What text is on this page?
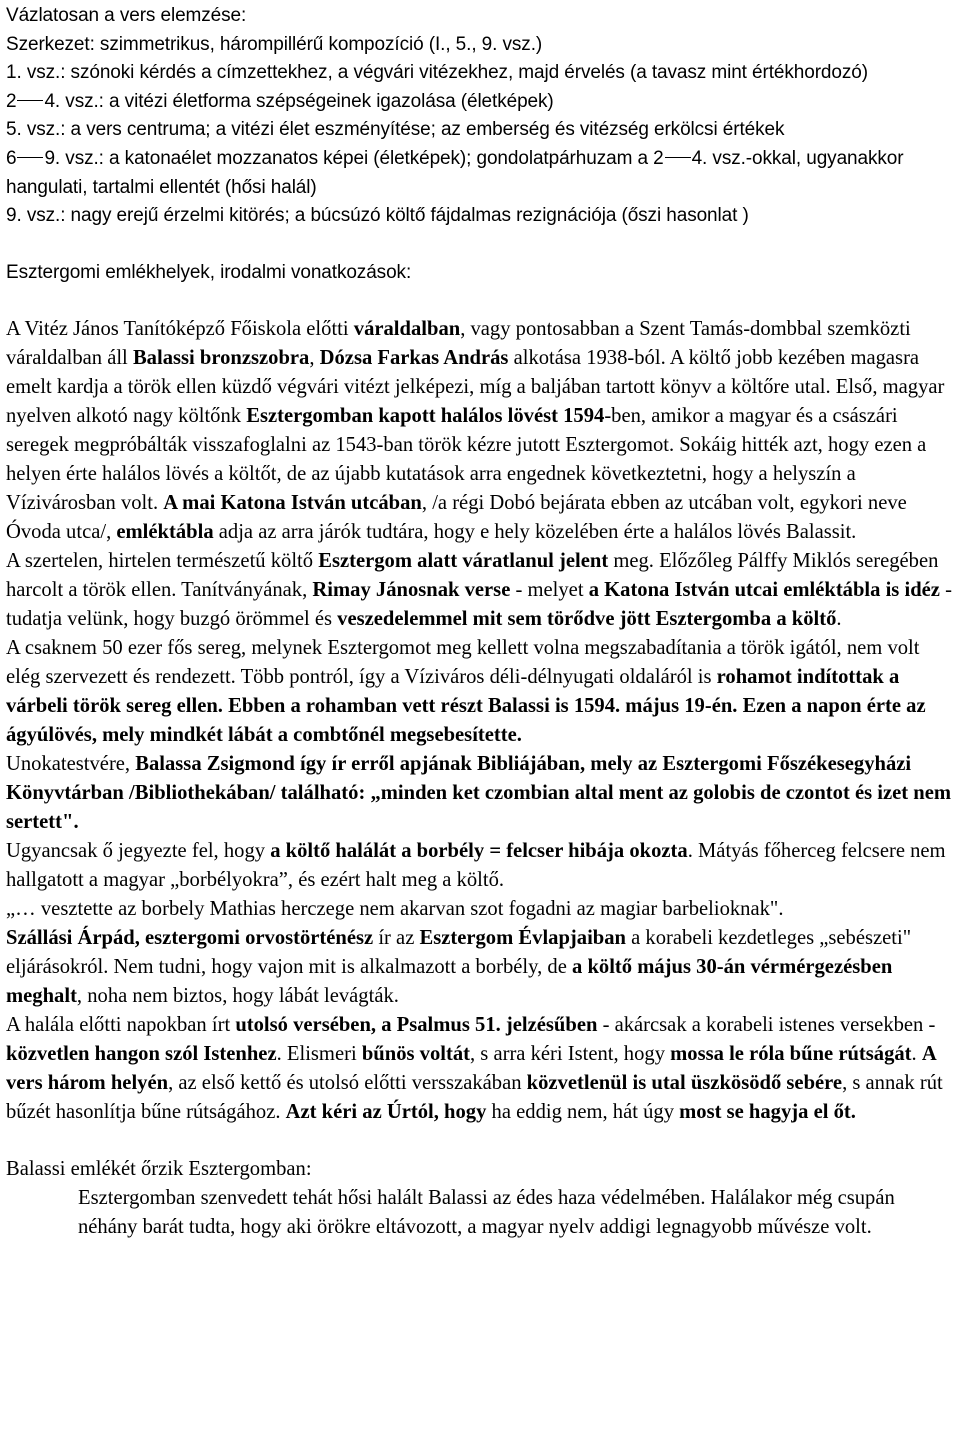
Vázlatosan a vers elemzése:

Szerkezet: szimmetrikus, hárompillérű kompozíció (I., 5., 9. vsz.)

1. vsz.: szónoki kérdés a címzettekhez, a végvári vitézekhez, majd érvelés (a tavasz mint értékhordozó)

2 4. vsz.: a vitézi életforma szépségeinek igazolása (életképek)

5. vsz.: a vers centruma; a vitézi élet eszményítése; az emberség és vitézség erkölcsi értékek

6 9. vsz.: a katonaélet mozzanatos képei (életképek); gondolatpárhuzam a 2 4. vsz.-okkal, ugyanakkor hangulati, tartalmi ellentét (hősi halál)

9. vsz.: nagy erejű érzelmi kitörés; a búcsúzó költő fájdalmas rezignációja (őszi hasonlat )

Esztergomi emlékhelyek, irodalmi vonatkozások:

A Vitéz János Tanítóképző Főiskola előtti váraldalban, vagy pontosabban a Szent Tamás-dombbal szemközti váraldalban áll Balassi bronzszobra, Dózsa Farkas András alkotása 1938-ból. A költő jobb kezében magasra emelt kardja a török ellen küzdő végvári vitézt jelképezi, míg a baljában tartott könyv a költőre utal. Első, magyar nyelven alkotó nagy költőnk Esztergomban kapott halálos lövést 1594-ben, amikor a magyar és a császári seregek megpróbálták visszafoglalni az 1543-ban török kézre jutott Esztergomot. Sokáig hitték azt, hogy ezen a helyen érte halálos lövés a költőt, de az újabb kutatások arra engednek következtetni, hogy a helyszín a Vízivárosban volt. A mai Katona István utcában, /a régi Dobó bejárata ebben az utcában volt, egykori neve Óvoda utca/, emléktábla adja az arra járók tudtára, hogy e hely közelében érte a halálos lövés Balassit.

A szertelen, hirtelen természetű költő Esztergom alatt váratlanul jelent meg. Előzőleg Pálffy Miklós seregében harcolt a török ellen. Tanítványának, Rimay Jánosnak verse - melyet a Katona István utcai emléktábla is idéz - tudatja velünk, hogy buzgó örömmel és veszedelemmel mit sem törődve jött Esztergomba a költő.

A csaknem 50 ezer fős sereg, melynek Esztergomot meg kellett volna megszabadítania a török igától, nem volt elég szervezett és rendezett. Több pontról, így a Víziváros déli-délnyugati oldaláról is rohamot indítottak a várbeli török sereg ellen. Ebben a rohamban vett részt Balassi is 1594. május 19-én. Ezen a napon érte az ágyúlövés, mely mindkét lábát a combtőnél megsebesítette.

Unokatestvére, Balassa Zsigmond így ír erről apjának Bibliájában, mely az Esztergomi Főszékesegyházi Könyvtárban /Bibliothekában/ található: „minden ket czombian altal ment az golobis de czontot és izet nem sertett".

Ugyancsak ő jegyezte fel, hogy a költő halálát a borbély = felcser hibája okozta. Mátyás főherceg felcsere nem hallgatott a magyar „borbélyokra”, és ezért halt meg a költő.

„… vesztette az borbely Mathias herczege nem akarvan szot fogadni az magiar barbelioknak".

Szállási Árpád, esztergomi orvostörténész ír az Esztergom Évlapjaiban a korabeli kezdetleges „sebészeti" eljárásokról. Nem tudni, hogy vajon mit is alkalmazott a borbély, de a költő május 30-án vérmérgezésben meghalt, noha nem biztos, hogy lábát levágták.

A halála előtti napokban írt utolsó versében, a Psalmus 51. jelzésűben - akárcsak a korabeli istenes versekben - közvetlen hangon szól Istenhez. Elismeri bűnös voltát, s arra kéri Istent, hogy mossa le róla bűne rútságát. A vers három helyén, az első kettő és utolsó előtti versszakában közvetlenül is utal üszkösödő sebére, s annak rút bűzét hasonlítja bűne rútságához. Azt kéri az Úrtól, hogy ha eddig nem, hát úgy most se hagyja el őt.

Balassi emlékét őrzik Esztergomban:

Esztergomban szenvedett tehát hősi halált Balassi az édes haza védelmében. Halálakor még csupán néhány barát tudta, hogy aki örökre eltávozott, a magyar nyelv addigi legnagyobb művésze volt.
